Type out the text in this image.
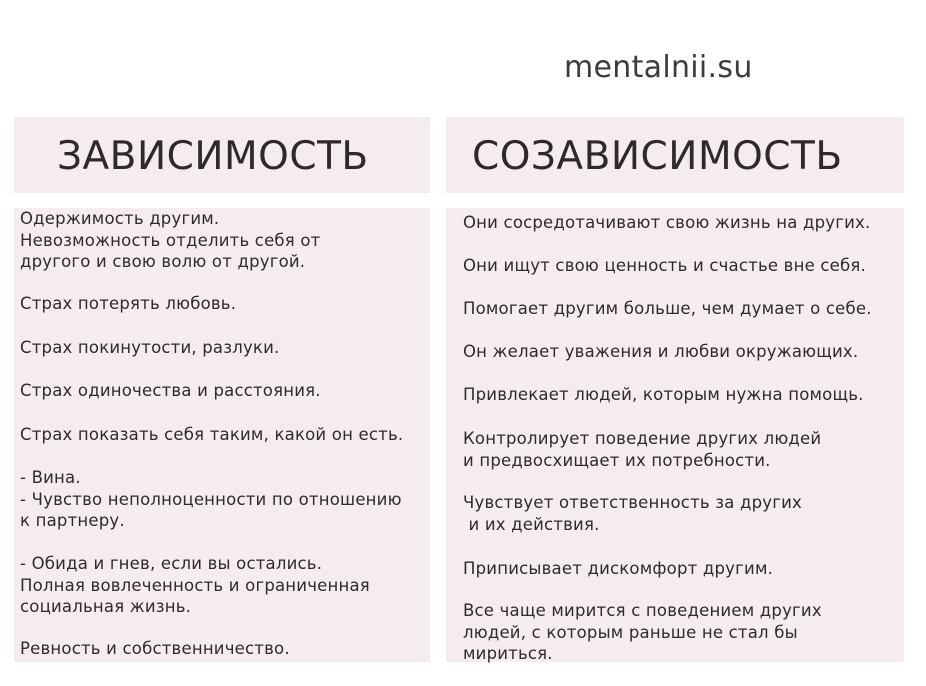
mentalnii.su
ЗАВИСИМОСТЬ	СОЗАВИСИМОСТЬ
Одержимость другим.
Невозможность отделить себя от
другого и свою волю от другой.
Страх потерять любовь.
Страх покинутости, разлуки.
Страх одиночества и расстояния.
Страх показать себя таким, какой он есть.
- Вина.
- Чувство неполноценности по отношению
к партнеру.
- Обида и гнев, если вы остались.
Полная вовлеченность и ограниченная
социальная жизнь.
Ревность и собственничество.
Они сосредотачивают свою жизнь на других.
Они ищут свою ценность и счастье вне себя.
Помогает другим больше, чем думает о себе.
Он желает уважения и любви окружающих.
Привлекает людей, которым нужна помощь.
Контролирует поведение других людей
и предвосхищает их потребности.
Чувствует ответственность за других
и их действия.
Приписывает дискомфорт другим.
Все чаще мирится с поведением других
людей, с которым раньше не стал бы
мириться.
